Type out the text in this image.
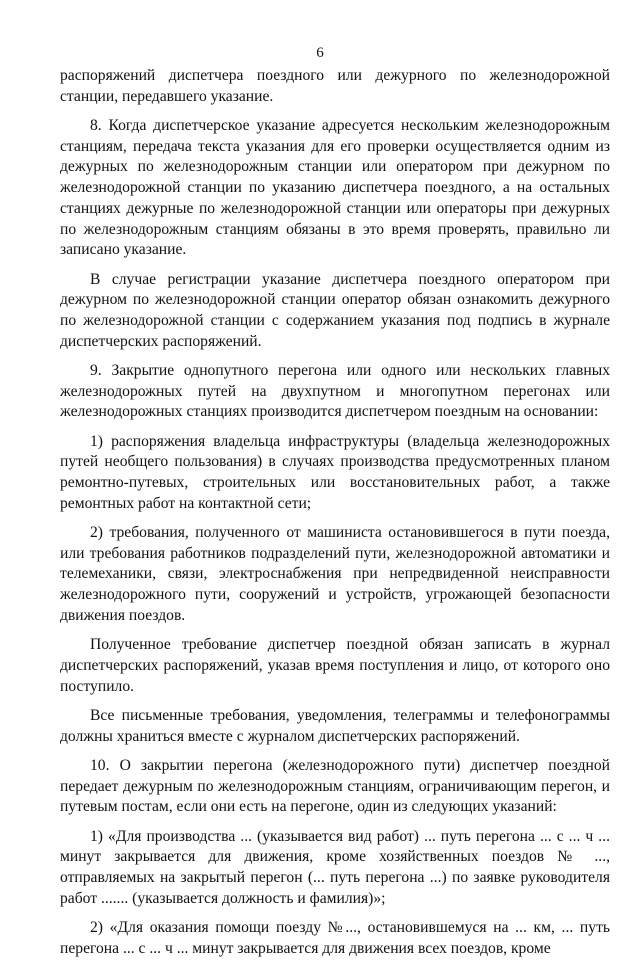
6

распоряжений диспетчера поездного или дежурного по железнодорожной станции, передавшего указание.

8. Когда диспетчерское указание адресуется нескольким железнодорожным станциям, передача текста указания для его проверки осуществляется одним из дежурных по железнодорожным станции или оператором при дежурном по железнодорожной станции по указанию диспетчера поездного, а на остальных станциях дежурные по железнодорожной станции или операторы при дежурных по железнодорожным станциям обязаны в это время проверять, правильно ли записано указание.

В случае регистрации указание диспетчера поездного оператором при дежурном по железнодорожной станции оператор обязан ознакомить дежурного по железнодорожной станции с содержанием указания под подпись в журнале диспетчерских распоряжений.

9. Закрытие однопутного перегона или одного или нескольких главных железнодорожных путей на двухпутном и многопутном перегонах или железнодорожных станциях производится диспетчером поездным на основании:

1) распоряжения владельца инфраструктуры (владельца железнодорожных путей необщего пользования) в случаях производства предусмотренных планом ремонтно-путевых, строительных или восстановительных работ, а также ремонтных работ на контактной сети;

2) требования, полученного от машиниста остановившегося в пути поезда, или требования работников подразделений пути, железнодорожной автоматики и телемеханики, связи, электроснабжения при непредвиденной неисправности железнодорожного пути, сооружений и устройств, угрожающей безопасности движения поездов.

Полученное требование диспетчер поездной обязан записать в журнал диспетчерских распоряжений, указав время поступления и лицо, от которого оно поступило.

Все письменные требования, уведомления, телеграммы и телефонограммы должны храниться вместе с журналом диспетчерских распоряжений.

10. О закрытии перегона (железнодорожного пути) диспетчер поездной передает дежурным по железнодорожным станциям, ограничивающим перегон, и путевым постам, если они есть на перегоне, один из следующих указаний:

1) «Для производства ... (указывается вид работ) ... путь перегона ... с ... ч ... минут закрывается для движения, кроме хозяйственных поездов № ..., отправляемых на закрытый перегон (... путь перегона ...) по заявке руководителя работ ....... (указывается должность и фамилия)»;

2) «Для оказания помощи поезду №..., остановившемуся на ... км, ... путь перегона ... с ... ч ... минут закрывается для движения всех поездов, кроме
